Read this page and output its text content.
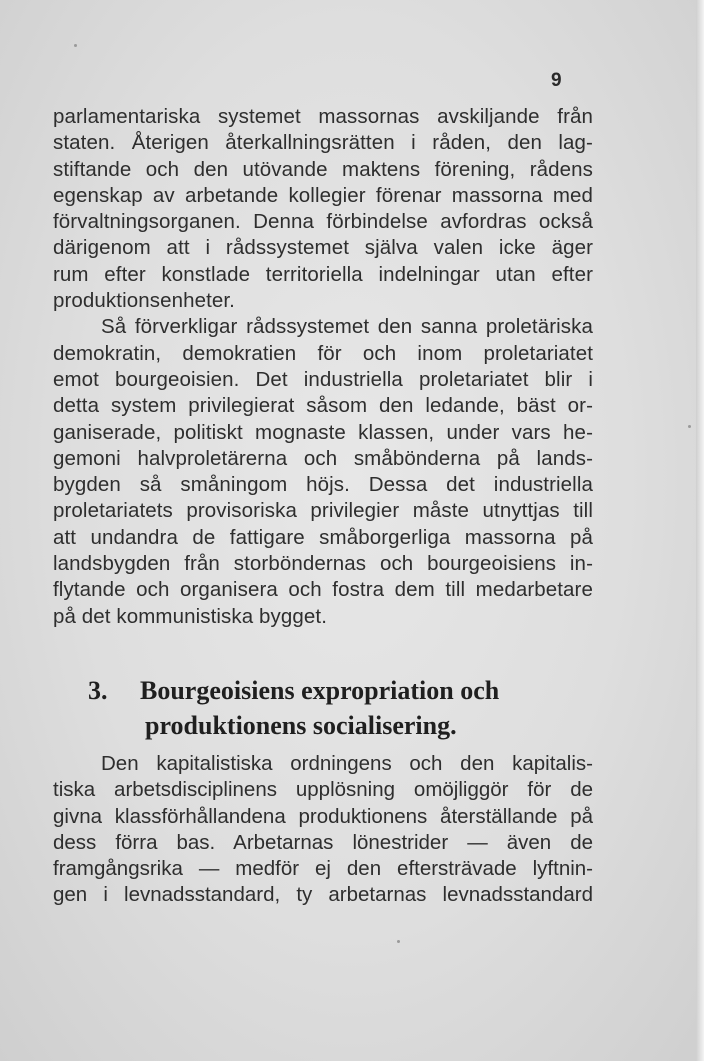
9
parlamentariska systemet massornas avskiljande från
staten. Återigen återkallningsrätten i råden, den lag-
stiftande och den utövande maktens förening, rådens
egenskap av arbetande kollegier förenar massorna med
förvaltningsorganen. Denna förbindelse avfordras också
därigenom att i rådssystemet själva valen icke äger
rum efter konstlade territoriella indelningar utan efter
produktionsenheter.
Så förverkligar rådssystemet den sanna proletäriska
demokratin, demokratien för och inom proletariatet
emot bourgeoisien. Det industriella proletariatet blir i
detta system privilegierat såsom den ledande, bäst or-
ganiserade, politiskt mognaste klassen, under vars he-
gemoni halvproletärerna och småbönderna på lands-
bygden så småningom höjs. Dessa det industriella
proletariatets provisoriska privilegier måste utnyttjas till
att undandra de fattigare småborgerliga massorna på
landsbygden från storböndernas och bourgeoisiens in-
flytande och organisera och fostra dem till medarbetare
på det kommunistiska bygget.
3. Bourgeoisiens expropriation och
produktionens socialisering.
Den kapitalistiska ordningens och den kapitalis-
tiska arbetsdisciplinens upplösning omöjliggör för de
givna klassförhållandena produktionens återställande på
dess förra bas. Arbetarnas lönestrider — även de
framgångsrika — medför ej den eftersträvade lyftnin-
gen i levnadsstandard, ty arbetarnas levnadsstandard
